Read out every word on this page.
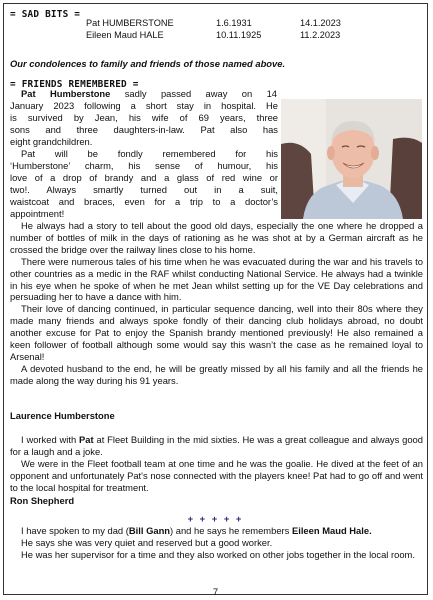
= SAD BITS =
Pat HUMBERSTONE	1.6.1931	14.1.2023
Eileen Maud HALE	10.11.1925	11.2.2023
Our condolences to family and friends of those named above.
= FRIENDS REMEMBERED =
Pat Humberstone sadly passed away on 14
January 2023 following a short stay in hospital. He
is survived by Jean, his wife of 69 years, three
sons and three daughters-in-law. Pat also has
eight grandchildren.
Pat will be fondly remembered for his
‘Humberstone’ charm, his sense of humour, his
love of a drop of brandy and a glass of red wine or
two!. Always smartly turned out in a suit,
waistcoat and braces, even for a trip to a doctor’s
appointment!

He always had a story to tell about the good old days, especially the one where he dropped a number of bottles of milk in the days of rationing as he was shot at by a German aircraft as he crossed the bridge over the railway lines close to his home.

There were numerous tales of his time when he was evacuated during the war and his travels to other countries as a medic in the RAF whilst conducting National Service. He always had a twinkle in his eye when he spoke of when he met Jean whilst setting up for the VE Day celebrations and persuading her to have a dance with him.

Their love of dancing continued, in particular sequence dancing, well into their 80s where they made many friends and always spoke fondly of their dancing club holidays abroad, no doubt another excuse for Pat to enjoy the Spanish brandy mentioned previously! He also remained a keen follower of football although some would say this wasn’t the case as he remained loyal to Arsenal!

A devoted husband to the end, he will be greatly missed by all his family and all the friends he made along the way during his 91 years.

Laurence Humberstone

I worked with Pat at Fleet Building in the mid sixties. He was a great colleague and always good for a laugh and a joke.

We were in the Fleet football team at one time and he was the goalie. He dived at the feet of an opponent and unfortunately Pat's nose connected with the players knee! Pat had to go off and went to the local hospital for treatment.

Ron Shepherd
+ + + + +

I have spoken to my dad (Bill Gann) and he says he remembers Eileen Maud Hale.

He says she was very quiet and reserved but a good worker.

He was her supervisor for a time and they also worked on other jobs together in the local room.

7
